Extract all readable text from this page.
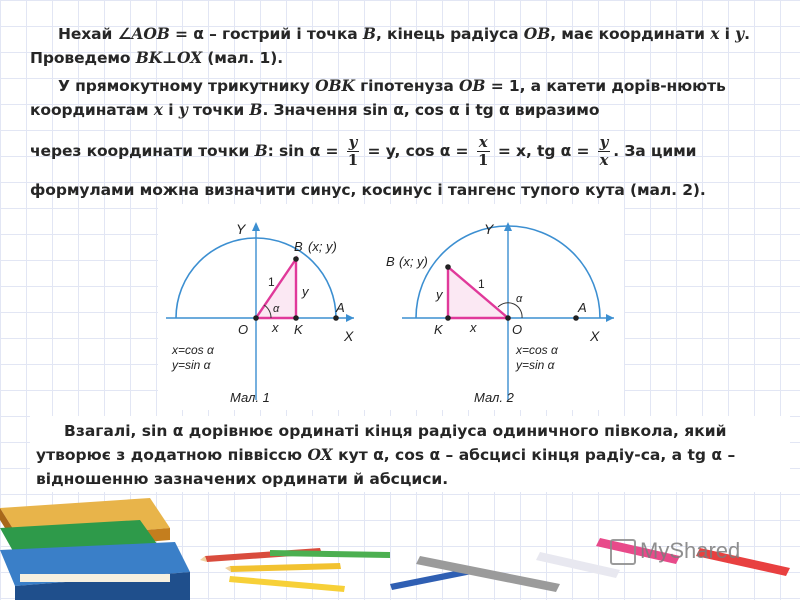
Нехай ∠AOB = α – гострий і точка B, кінець радіуса OB, має координати x і y. Проведемо BK⊥OX (мал. 1).
У прямокутному трикутнику OBK гіпотенуза OB = 1, а катети дорів-нюють координатам x і y точки B. Значення sin α, cos α і tg α виразимо
через координати точки B: $\sin \alpha = \frac{y}{1} = y$, $\cos \alpha = \frac{x}{1} = x$, tg $\alpha = \frac{y}{x}$ . За цими
формулами можна визначити синус, косинус і тангенс тупого кута (мал. 2).
Y
X
B (x; y)
1
y
x
α
O	K
A
x=cos α
y=sin α
Мал. 1
Y
X
B (x; y)
1
y
x
α
O
K
A
x=cos α
y=sin α
Мал. 2
Взагалі, sin α дорівнює ординаті кінця радіуса одиничного півкола, який утворює з додатною піввіссю OX кут α, cos α – абсцисі кінця радіу-са, а tg α – відношенню зазначених ординати й абсциси.
MyShared
